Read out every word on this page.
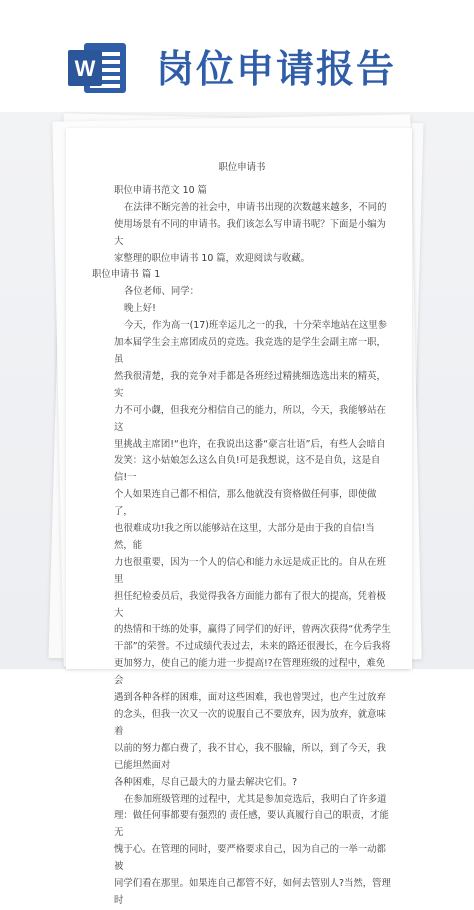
W 岗位申请报告
职位申请书

职位申请书范文 10 篇

在法律不断完善的社会中，申请书出现的次数越来越多，不同的

使用场景有不同的申请书。我们该怎么写申请书呢？下面是小编为大

家整理的职位申请书 10 篇，欢迎阅读与收藏。

职位申请书 篇 1

各位老师、同学：

晚上好!

今天，作为高一(17)班幸运儿之一的我，十分荣幸地站在这里参

加本届学生会主席团成员的竞选。我竞选的是学生会副主席一职，虽

然我很清楚，我的竞争对手都是各班经过精挑细选选出来的精英，实

力不可小觑，但我充分相信自己的能力，所以，今天，我能够站在这

里挑战主席团!“也许，在我说出这番“豪言壮语”后，有些人会暗自

发笑：这小姑娘怎么这么自负!可是我想说，这不是自负，这是自信!一

个人如果连自己都不相信，那么他就没有资格做任何事，即使做了，

也很难成功!我之所以能够站在这里，大部分是由于我的自信!当然，能

力也很重要，因为一个人的信心和能力永远是成正比的。自从在班里

担任纪检委员后，我觉得我各方面能力都有了很大的提高，凭着极大

的热情和干练的处事，赢得了同学们的好评，曾两次获得“优秀学生

干部”的荣誉。不过成绩代表过去，未来的路还很漫长，在今后我将

更加努力，使自己的能力进一步提高!?在管理班级的过程中，难免会

遇到各种各样的困难，面对这些困难，我也曾哭过，也产生过放弃

的念头，但我一次又一次的说服自己不要放弃，因为放弃，就意味着

以前的努力都白费了，我不甘心，我不服输，所以，到了今天，我已能坦然面对

各种困难，尽自己最大的力量去解决它们。?

在参加班级管理的过程中，尤其是参加竞选后，我明白了许多道

理：做任何事都要有强烈的 责任感，要认真履行自己的职责，才能无

愧于心。在管理的同时，要严格要求自己，因为自己的一举一动都被

同学们看在那里。如果连自己都管不好，如何去管别人?当然，管理时
